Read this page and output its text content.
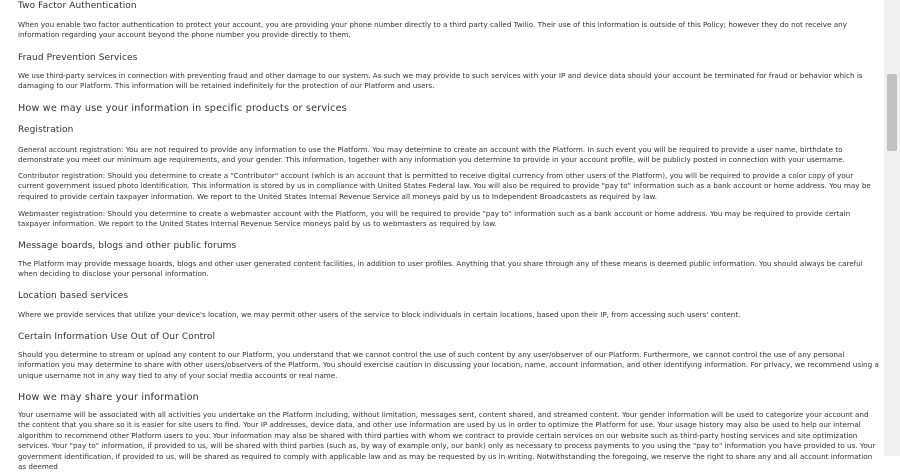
Two Factor Authentication

When you enable two factor authentication to protect your account, you are providing your phone number directly to a third party called Twilio. Their use of this information is outside of this Policy; however they do not receive any information regarding your account beyond the phone number you provide directly to them.

Fraud Prevention Services

We use third-party services in connection with preventing fraud and other damage to our system. As such we may provide to such services with your IP and device data should your account be terminated for fraud or behavior which is damaging to our Platform. This information will be retained indefinitely for the protection of our Platform and users.

How we may use your information in specific products or services
Registration

General account registration: You are not required to provide any information to use the Platform. You may determine to create an account with the Platform. In such event you will be required to provide a user name, birthdate to demonstrate you meet our minimum age requirements, and your gender. This information, together with any information you determine to provide in your account profile, will be publicly posted in connection with your username.

Contributor registration: Should you determine to create a "Contributor" account (which is an account that is permitted to receive digital currency from other users of the Platform), you will be required to provide a color copy of your current government issued photo identification. This information is stored by us in compliance with United States Federal law. You will also be required to provide "pay to" information such as a bank account or home address. You may be required to provide certain taxpayer information. We report to the United States Internal Revenue Service all moneys paid by us to Independent Broadcasters as required by law.

Webmaster registration: Should you determine to create a webmaster account with the Platform, you will be required to provide "pay to" information such as a bank account or home address. You may be required to provide certain taxpayer information. We report to the United States Internal Revenue Service moneys paid by us to webmasters as required by law.

Message boards, blogs and other public forums

The Platform may provide message boards, blogs and other user generated content facilities, in addition to user profiles. Anything that you share through any of these means is deemed public information. You should always be careful when deciding to disclose your personal information.

Location based services

Where we provide services that utilize your device's location, we may permit other users of the service to block individuals in certain locations, based upon their IP, from accessing such users' content.

Certain Information Use Out of Our Control

Should you determine to stream or upload any content to our Platform, you understand that we cannot control the use of such content by any user/observer of our Platform. Furthermore, we cannot control the use of any personal information you may determine to share with other users/observers of the Platform. You should exercise caution in discussing your location, name, account information, and other identifying information. For privacy, we recommend using a unique username not in any way tied to any of your social media accounts or real name.

How we may share your information

Your username will be associated with all activities you undertake on the Platform including, without limitation, messages sent, content shared, and streamed content. Your gender information will be used to categorize your account and the content that you share so it is easier for site users to find. Your IP addresses, device data, and other use information are used by us in order to optimize the Platform for use. Your usage history may also be used to help our internal algorithm to recommend other Platform users to you. Your information may also be shared with third parties with whom we contract to provide certain services on our website such as third-party hosting services and site optimization services. Your "pay to" information, if provided to us, will be shared with third parties (such as, by way of example only, our bank) only as necessary to process payments to you using the "pay to" information you have provided to us. Your government identification, if provided to us, will be shared as required to comply with applicable law and as may be requested by us in writing. Notwithstanding the foregoing, we reserve the right to share any and all account information as deemed
